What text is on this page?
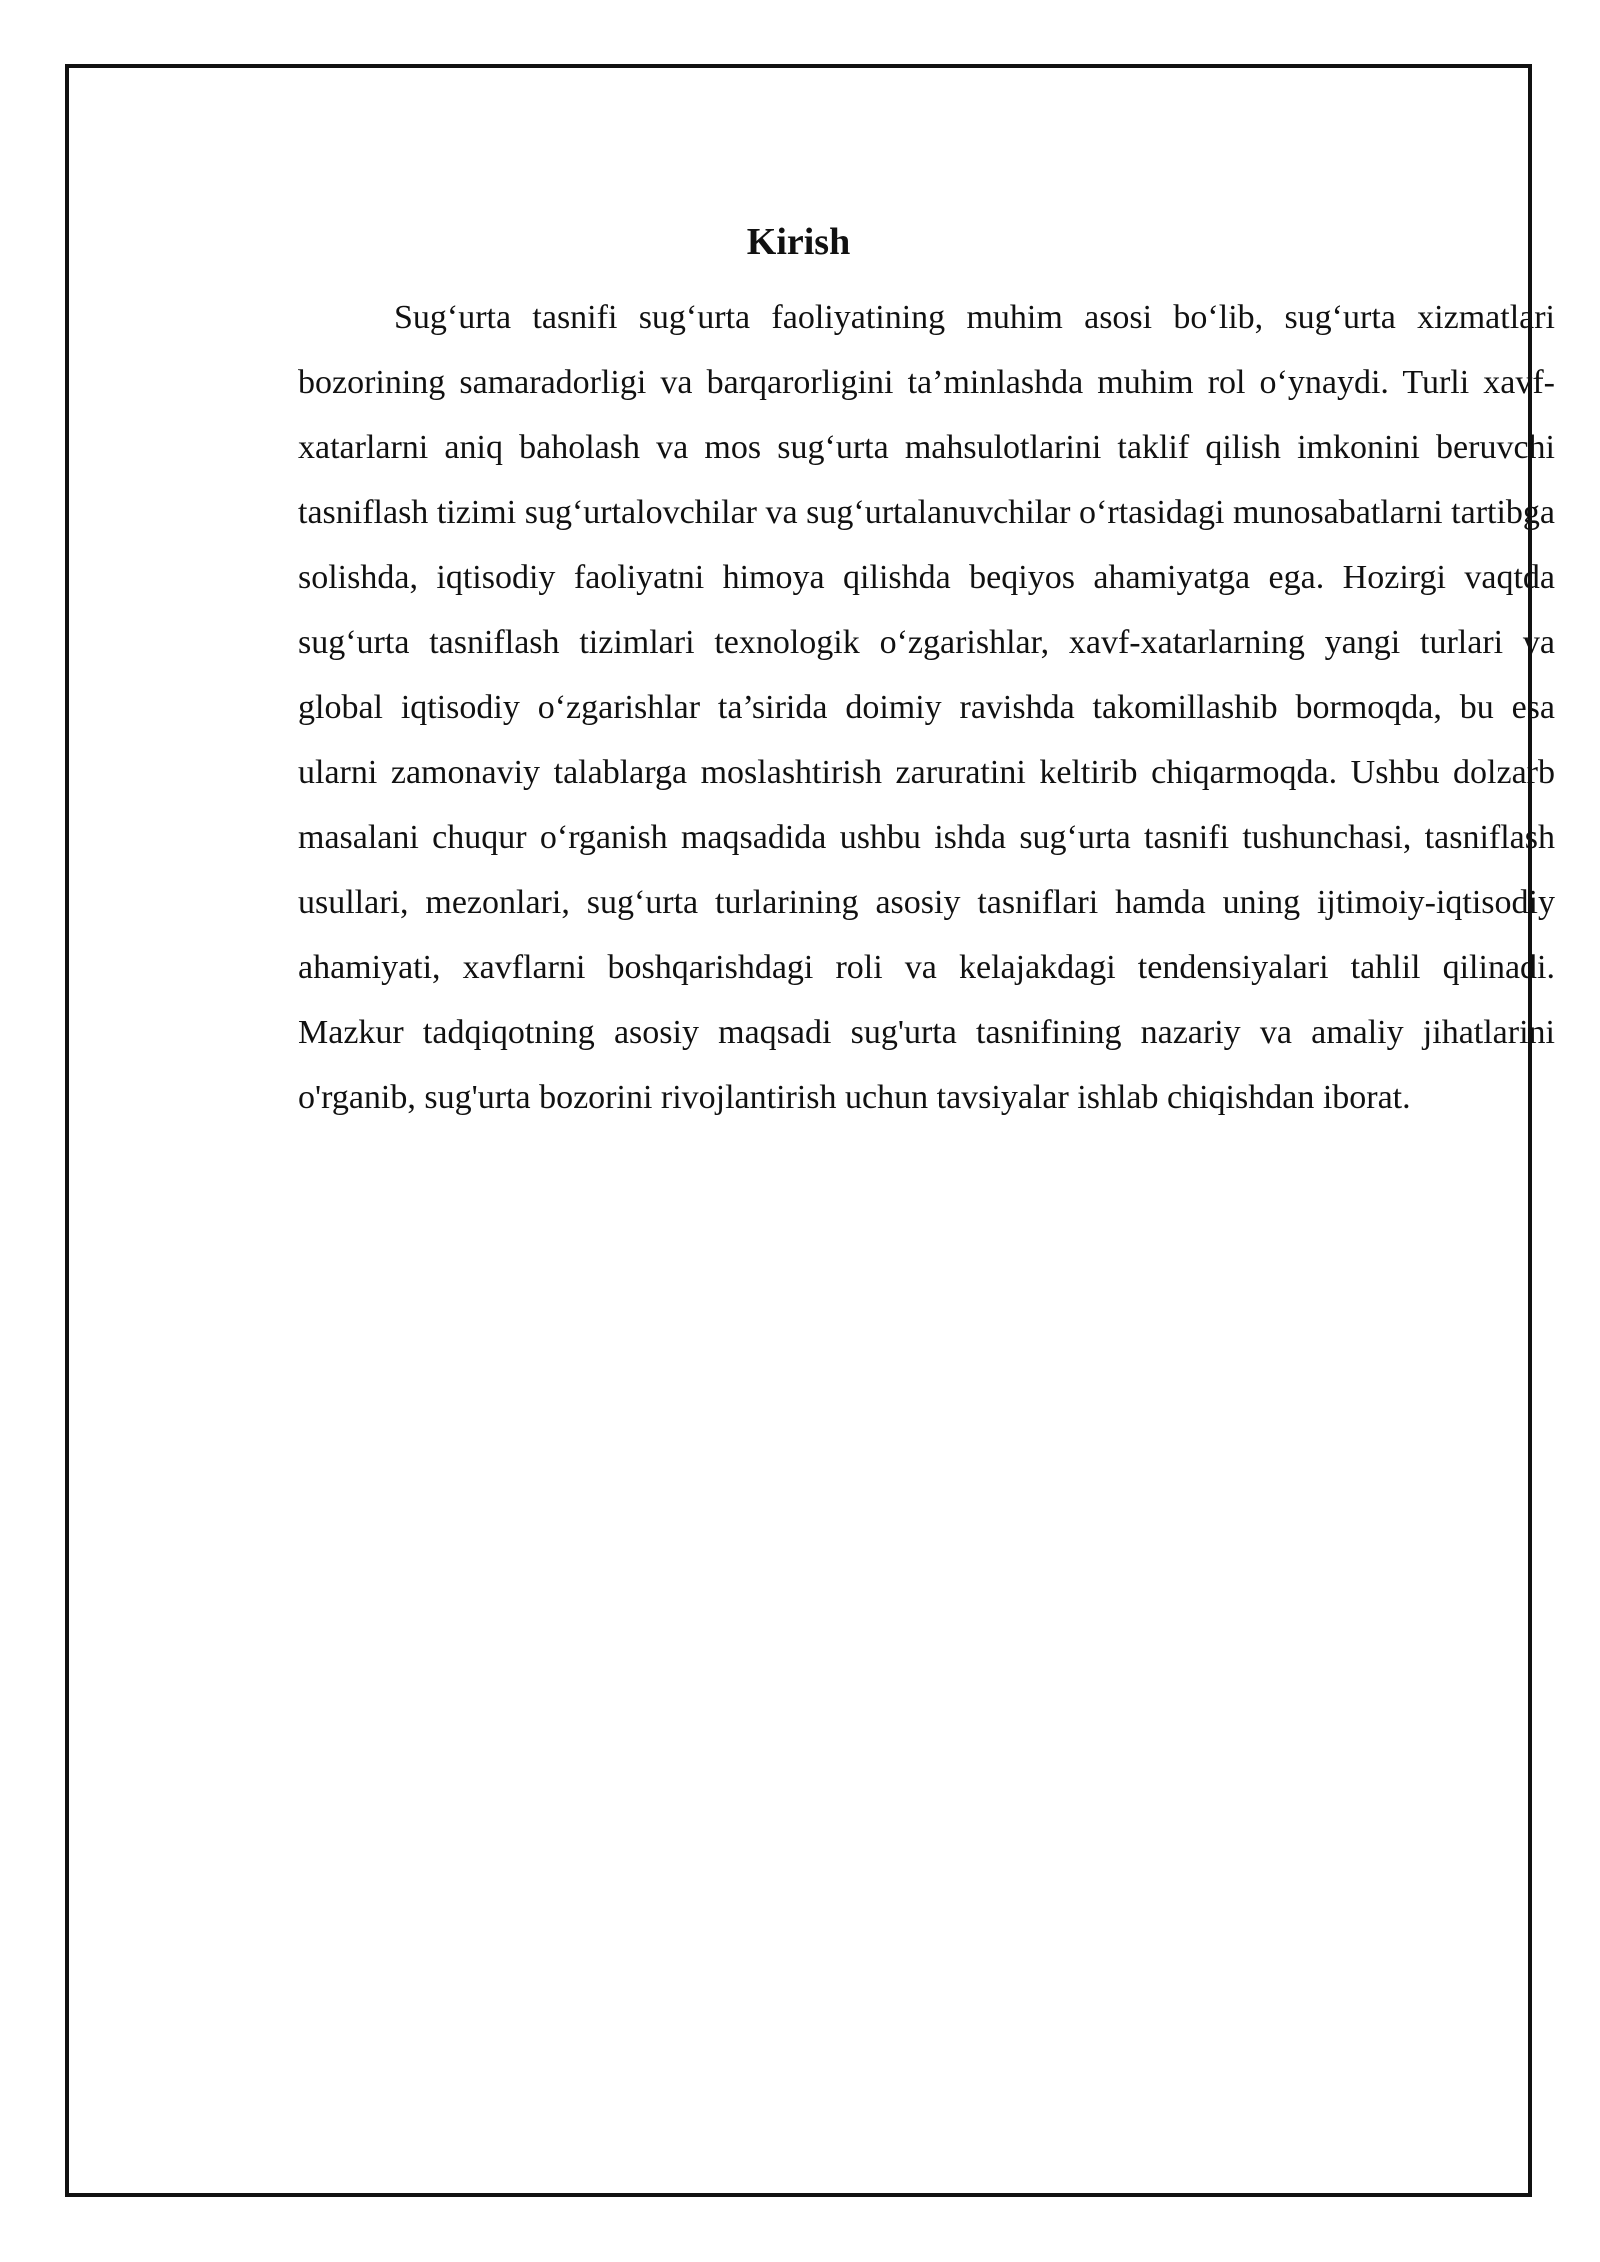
Kirish

Sug‘urta tasnifi sug‘urta faoliyatining muhim asosi bo‘lib, sug‘urta xizmatlari bozorining samaradorligi va barqarorligini ta’minlashda muhim rol o‘ynaydi. Turli xavf-xatarlarni aniq baholash va mos sug‘urta mahsulotlarini taklif qilish imkonini beruvchi tasniflash tizimi sug‘urtalovchilar va sug‘urtalanuvchilar o‘rtasidagi munosabatlarni tartibga solishda, iqtisodiy faoliyatni himoya qilishda beqiyos ahamiyatga ega. Hozirgi vaqtda sug‘urta tasniflash tizimlari texnologik o‘zgarishlar, xavf-xatarlarning yangi turlari va global iqtisodiy o‘zgarishlar ta’sirida doimiy ravishda takomillashib bormoqda, bu esa ularni zamonaviy talablarga moslashtirish zaruratini keltirib chiqarmoqda. Ushbu dolzarb masalani chuqur o‘rganish maqsadida ushbu ishda sug‘urta tasnifi tushunchasi, tasniflash usullari, mezonlari, sug‘urta turlarining asosiy tasniflari hamda uning ijtimoiy-iqtisodiy ahamiyati, xavflarni boshqarishdagi roli va kelajakdagi tendensiyalari tahlil qilinadi. Mazkur tadqiqotning asosiy maqsadi sug'urta tasnifining nazariy va amaliy jihatlarini o'rganib, sug'urta bozorini rivojlantirish uchun tavsiyalar ishlab chiqishdan iborat.
